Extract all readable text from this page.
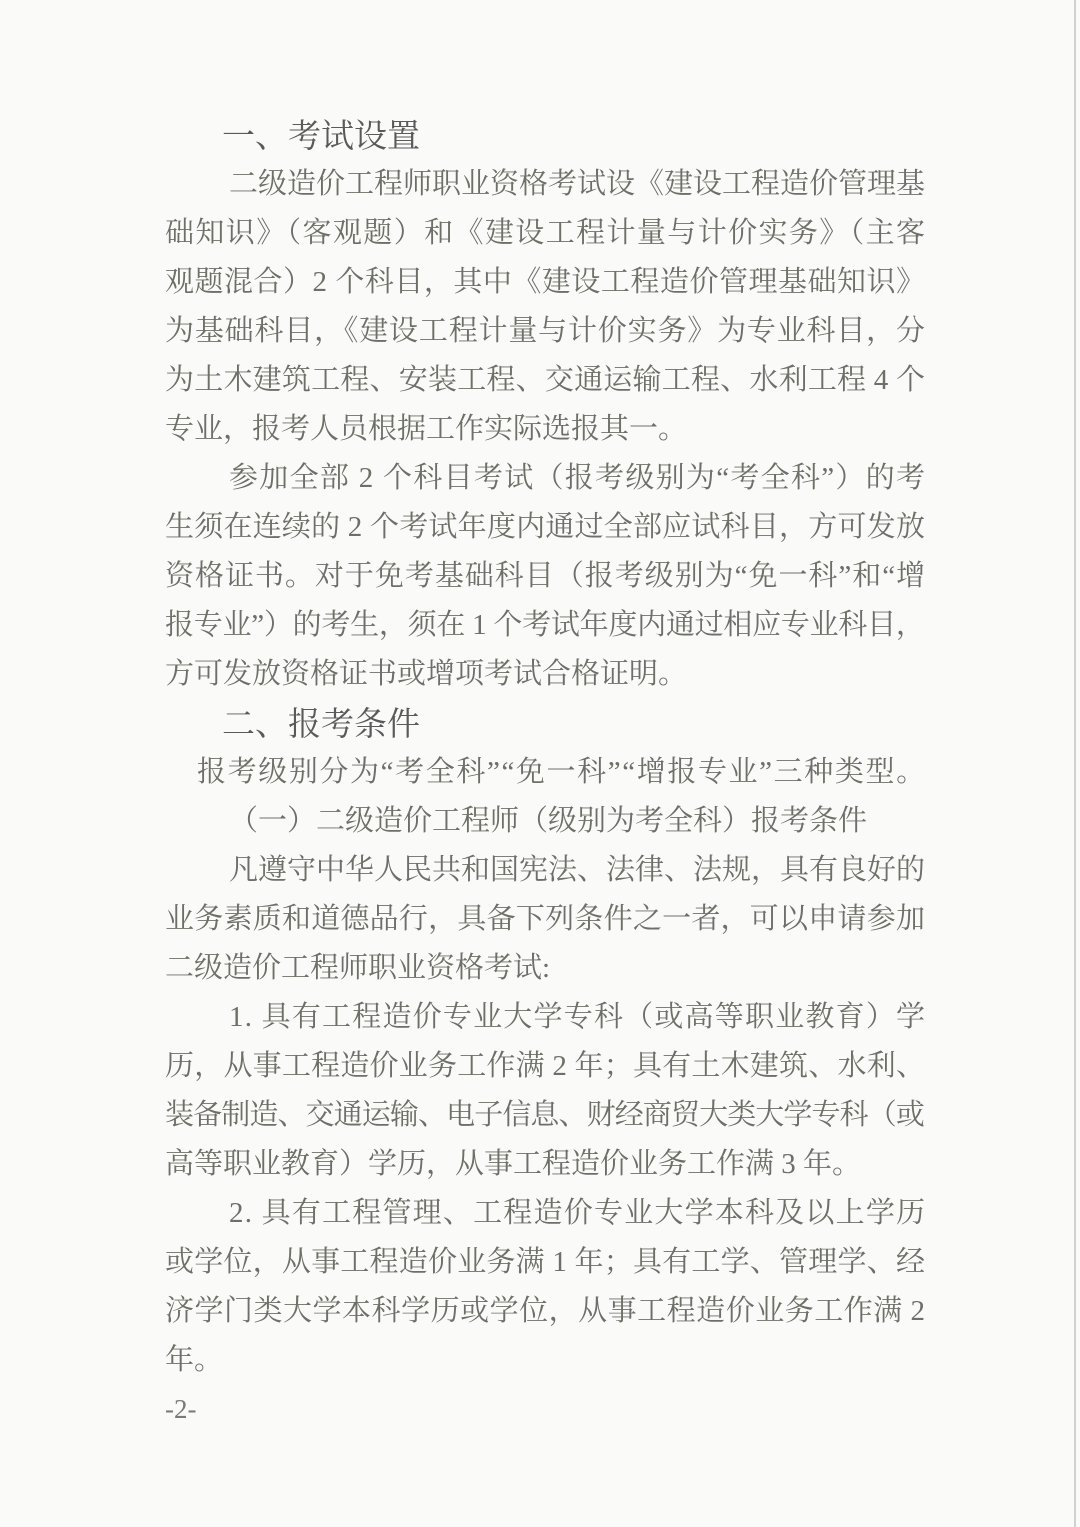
一、考试设置
二级造价工程师职业资格考试设《建设工程造价管理基
础知识》（客观题）和《建设工程计量与计价实务》（主客
观题混合）2 个科目，其中《建设工程造价管理基础知识》
为基础科目，《建设工程计量与计价实务》为专业科目，分
为土木建筑工程、安装工程、交通运输工程、水利工程 4 个
专业，报考人员根据工作实际选报其一。
参加全部 2 个科目考试（报考级别为“考全科”）的考
生须在连续的 2 个考试年度内通过全部应试科目，方可发放
资格证书。对于免考基础科目（报考级别为“免一科”和“增
报专业”）的考生，须在 1 个考试年度内通过相应专业科目，
方可发放资格证书或增项考试合格证明。
二、报考条件
报考级别分为“考全科”“免一科”“增报专业”三种类型。
（一）二级造价工程师（级别为考全科）报考条件
凡遵守中华人民共和国宪法、法律、法规，具有良好的
业务素质和道德品行，具备下列条件之一者，可以申请参加
二级造价工程师职业资格考试:
1. 具有工程造价专业大学专科（或高等职业教育）学
历，从事工程造价业务工作满 2 年；具有土木建筑、水利、
装备制造、交通运输、电子信息、财经商贸大类大学专科（或
高等职业教育）学历，从事工程造价业务工作满 3 年。
2. 具有工程管理、工程造价专业大学本科及以上学历
或学位，从事工程造价业务满 1 年；具有工学、管理学、经
济学门类大学本科学历或学位，从事工程造价业务工作满 2
年。
-2-
